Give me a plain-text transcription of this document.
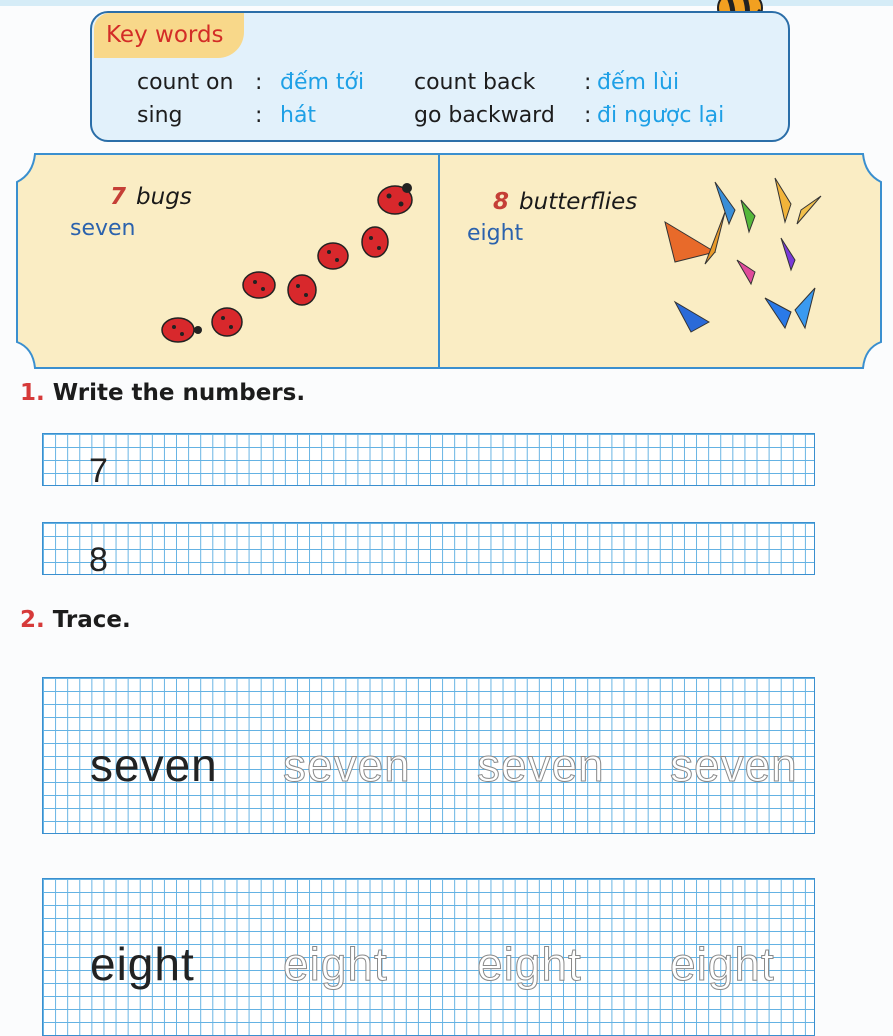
Key words
count on : đếm tới count back : đếm lùi
sing	: hát	go backward : đi ngược lại
7 bugs
seven
8 butterflies
eight
1. Write the numbers.
7
8
2. Trace.
seven seven seven seven
eight eight eight eight
